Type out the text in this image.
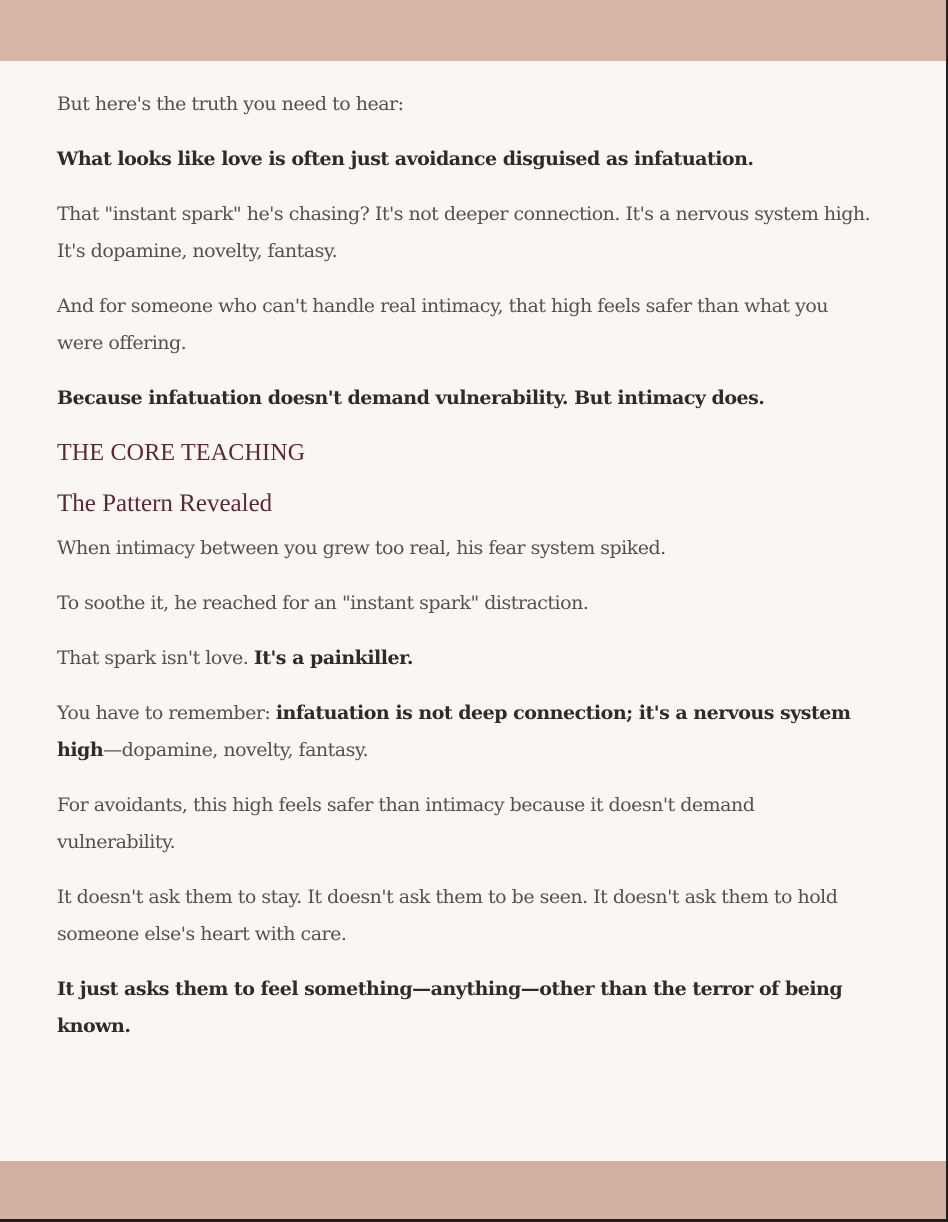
But here's the truth you need to hear:

What looks like love is often just avoidance disguised as infatuation.

That "instant spark" he's chasing? It's not deeper connection. It's a nervous system high. It's dopamine, novelty, fantasy.

And for someone who can't handle real intimacy, that high feels safer than what you were offering.

Because infatuation doesn't demand vulnerability. But intimacy does.

THE CORE TEACHING
The Pattern Revealed

When intimacy between you grew too real, his fear system spiked.

To soothe it, he reached for an "instant spark" distraction.

That spark isn't love. It's a painkiller.

You have to remember: infatuation is not deep connection; it's a nervous system high—dopamine, novelty, fantasy.

For avoidants, this high feels safer than intimacy because it doesn't demand vulnerability.

It doesn't ask them to stay. It doesn't ask them to be seen. It doesn't ask them to hold someone else's heart with care.

It just asks them to feel something—anything—other than the terror of being known.
